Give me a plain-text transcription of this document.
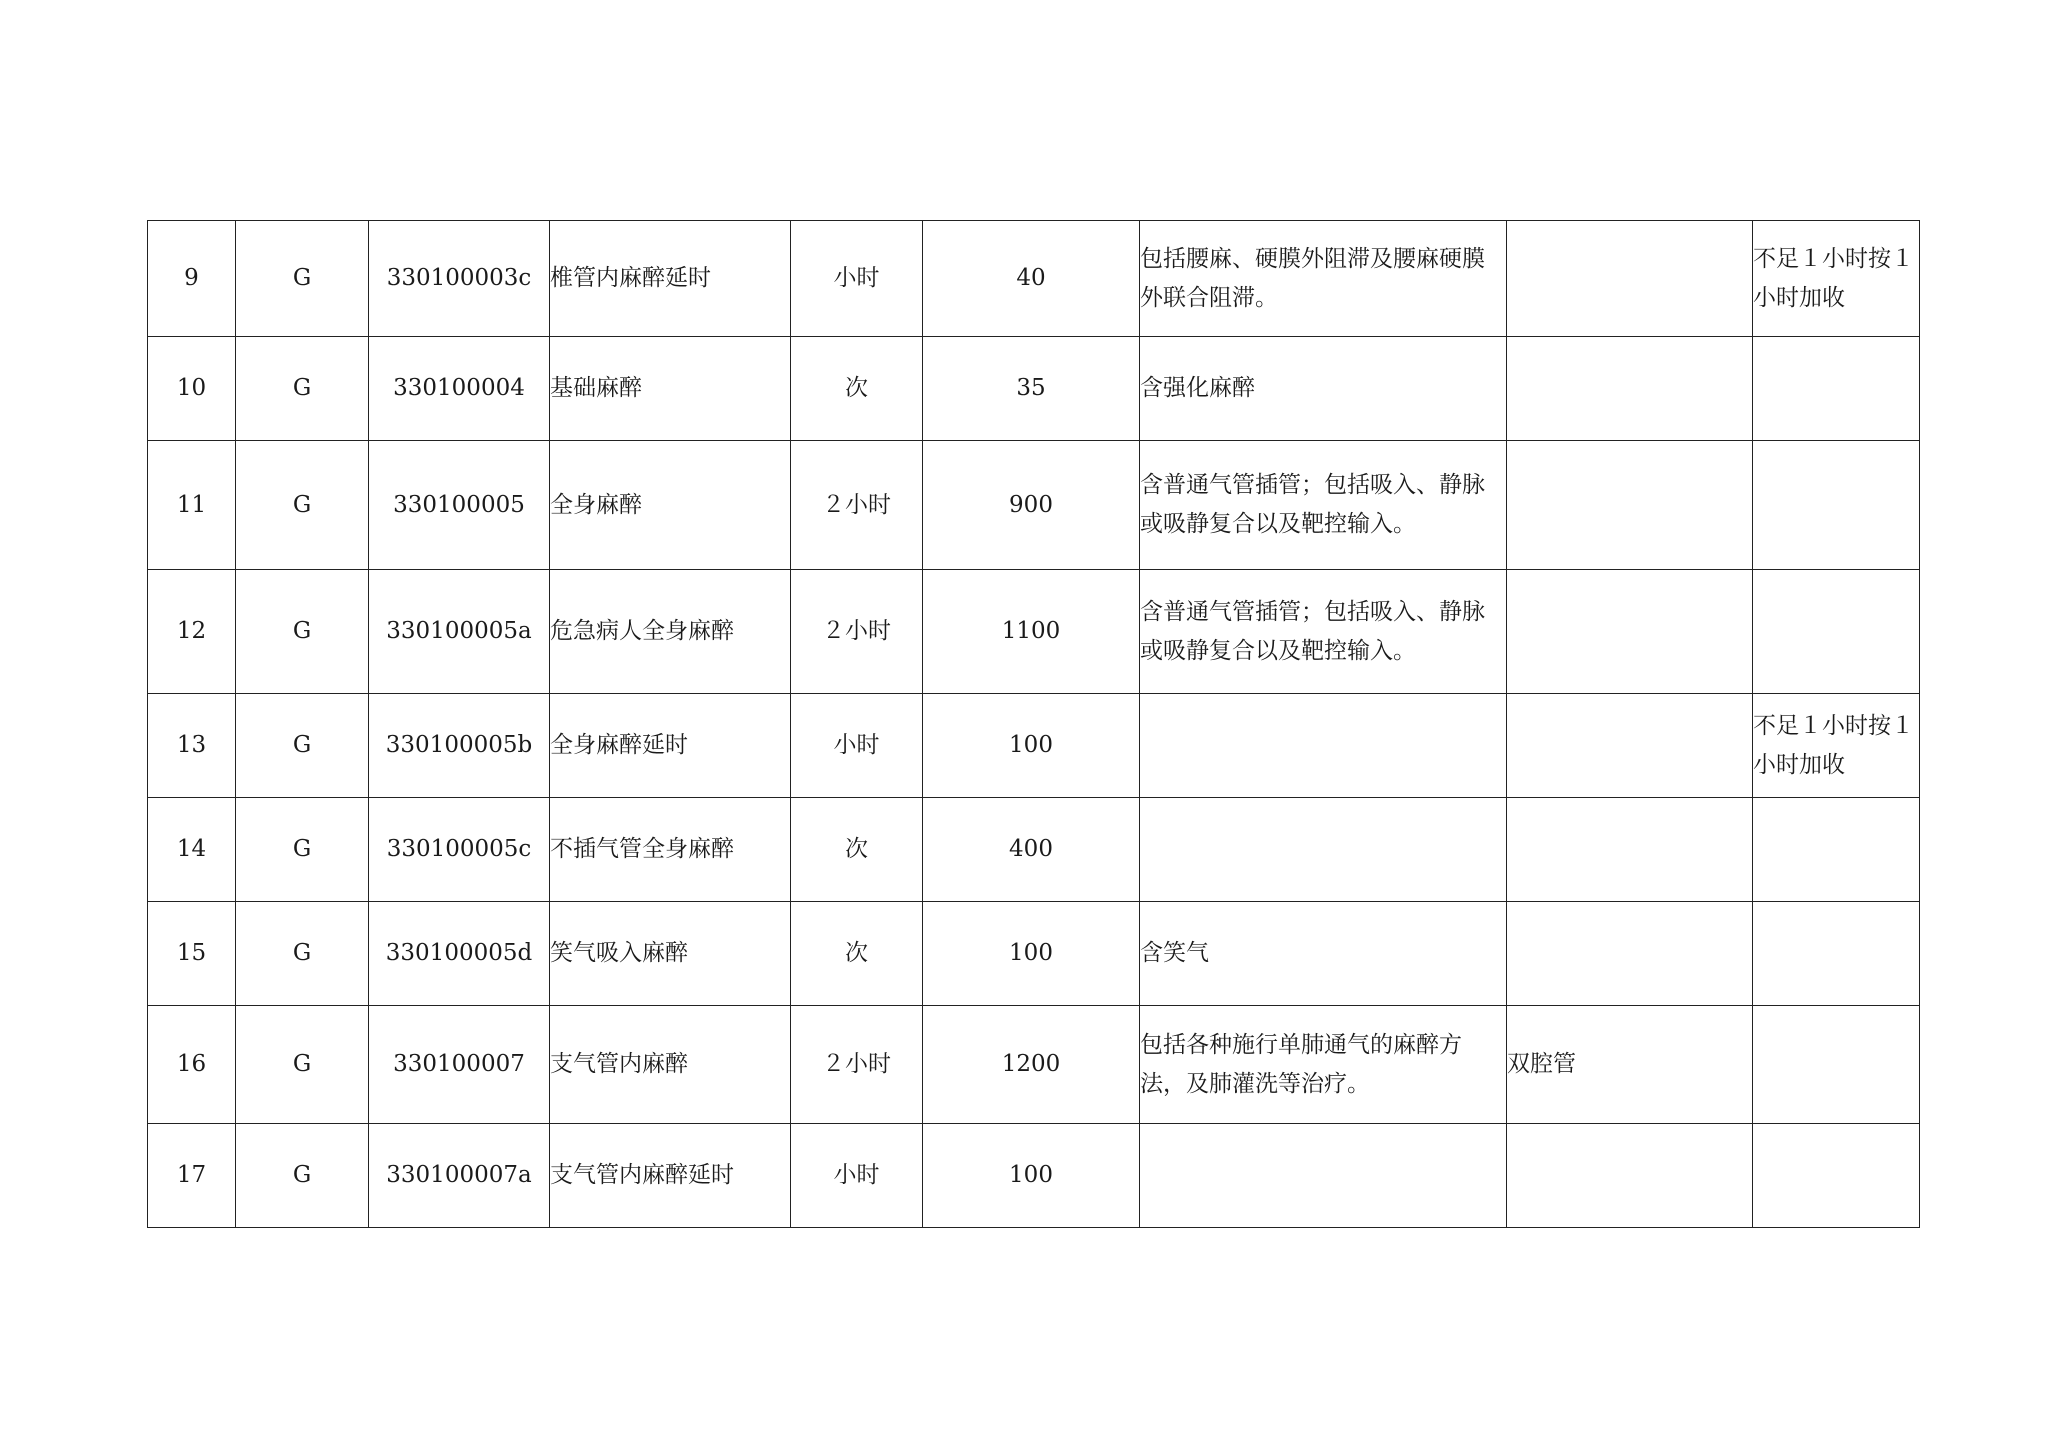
9	G	330100003c	椎管内麻醉延时	小时	40	包括腰麻、硬膜外阻滞及腰麻硬膜外联合阻滞。		不足１小时按１小时加收
10	G	330100004	基础麻醉	次	35	含强化麻醉		
11	G	330100005	全身麻醉	２小时	900	含普通气管插管；包括吸入、静脉或吸静复合以及靶控输入。		
12	G	330100005a	危急病人全身麻醉	２小时	1100	含普通气管插管；包括吸入、静脉或吸静复合以及靶控输入。		
13	G	330100005b	全身麻醉延时	小时	100			不足１小时按１小时加收
14	G	330100005c	不插气管全身麻醉	次	400			
15	G	330100005d	笑气吸入麻醉	次	100	含笑气		
16	G	330100007	支气管内麻醉	２小时	1200	包括各种施行单肺通气的麻醉方法，及肺灌洗等治疗。	双腔管	
17	G	330100007a	支气管内麻醉延时	小时	100			
